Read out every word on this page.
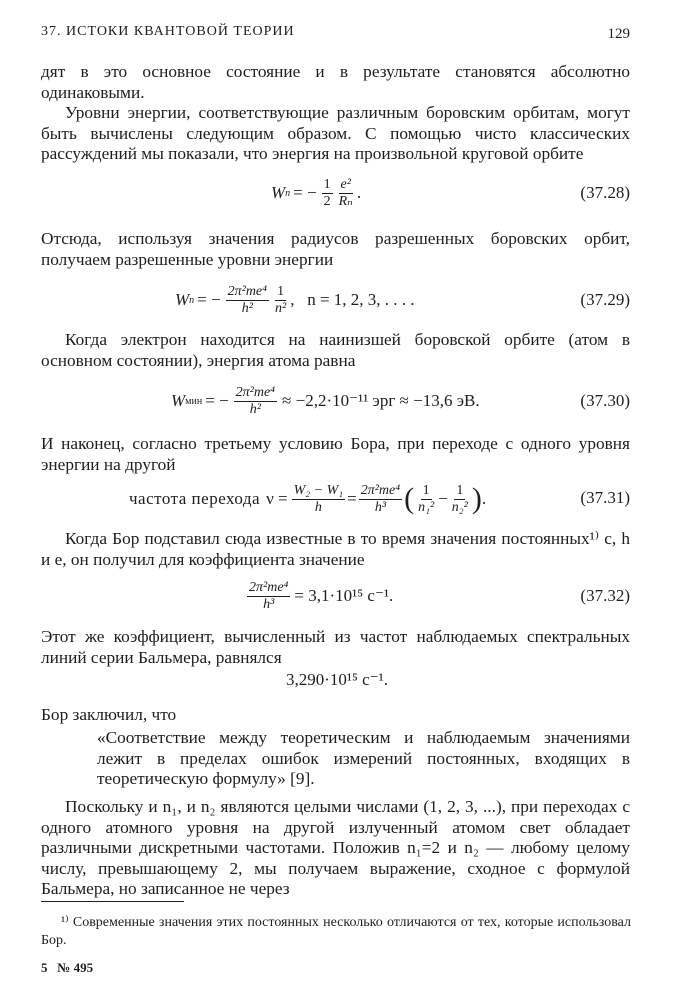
37. ИСТОКИ КВАНТОВОЙ ТЕОРИИ	129

дят в это основное состояние и в результате становятся абсолютно одинаковыми.

Уровни энергии, соответствующие различным боровским орбитам, могут быть вычислены следующим образом. С помощью чисто классических рассуждений мы показали, что энергия на произвольной круговой орбите

W n = − $\frac{1}{2} \frac{\text{e²}}{\text{Rₙ}}$ .	(37.28)

Отсюда, используя значения радиусов разрешенных боровских орбит, получаем разрешенные уровни энергии

W n = − $\frac{\text{2π²me⁴}}{\text{h²}} \frac{1}{\text{n²}}$ ,   n = 1, 2, 3, . . . .	(37.29)

Когда электрон находится на наинизшей боровской орбите (атом в основном состоянии), энергия атома равна

W мин = − $\frac{\text{2π²me⁴}}{\text{h²}} \approx -2,2\cdot 10^{-11}$ эрг ≈ −13,6 эВ.	(37.30)

И наконец, согласно третьему условию Бора, при переходе с одного уровня энергии на другой

частота перехода $\nu = \frac{\text{W₂ − W₁}}{h} = \frac{\text{2π²me⁴}}{\text{h³}}$ ( $\frac{1}{\text{n₁²}} - \frac{1}{\text{n₂²}}$ ) .	(37.31)

Когда Бор подставил сюда известные в то время значения постоянных¹⁾ c, h и e, он получил для коэффициента значение

$\frac{\text{2π²me⁴}}{\text{h³}} = 3,1\cdot 10^{15}$ c⁻¹.	(37.32)

Этот же коэффициент, вычисленный из частот наблюдаемых спектральных линий серии Бальмера, равнялся

3,290·10¹⁵ c⁻¹.

Бор заключил, что

«Соответствие между теоретическим и наблюдаемым значениями лежит в пределах ошибок измерений постоянных, входящих в теоретическую формулу» [9].

Поскольку и n₁, и n₂ являются целыми числами (1, 2, 3, ...), при переходах с одного атомного уровня на другой излученный атомом свет обладает различными дискретными частотами. Положив n₁=2 и n₂ — любому целому числу, превышающему 2, мы получаем выражение, сходное с формулой Бальмера, но записанное не через

¹⁾ Современные значения этих постоянных несколько отличаются от тех, которые использовал Бор.

5   № 495
